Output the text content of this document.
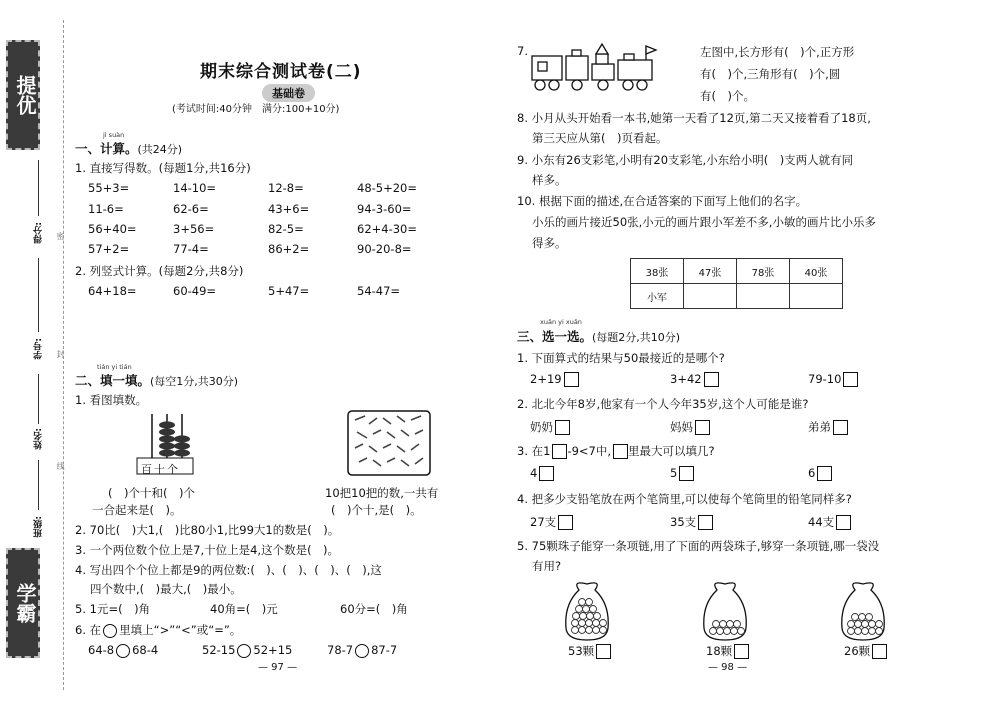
提优
学霸
得分:
学号:
姓名:
班级:
密
封
线
期末综合测试卷(二)
基础卷
(考试时间:40分钟　满分:100+10分)
jì suàn
一、计算。(共24分)
1. 直接写得数。(每题1分,共16分)
55+3=	14-10=	12-8=	48-5+20=
11-6=	62-6=	43+6=	94-3-60=
56+40=	3+56=	82-5=	62+4-30=
57+2=	77-4=	86+2=	90-20-8=
2. 列竖式计算。(每题2分,共8分)
64+18=	60-49=	5+47=	54-47=
tián yi tián
二、填一填。(每空1分,共30分)
1. 看图填数。
百十个
(　)个十和(　)个
一合起来是(　)。
10把10把的数,一共有
(　)个十,是(　)。
2. 70比(　)大1,(　)比80小1,比99大1的数是(　)。
3. 一个两位数个位上是7,十位上是4,这个数是(　)。
4. 写出四个个位上都是9的两位数:(　)、(　)、(　)、(　),这
四个数中,(　)最大,(　)最小。
5. 1元=(　)角	40角=(　)元	60分=(　)角
6. 在 里填上“>”“<”或“=”。
64-8 68-4	52-15 52+15	78-7 87-7
— 97 —
7.	左图中,长方形有(　)个,正方形
有(　)个,三角形有(　)个,圆
有(　)个。
8. 小月从头开始看一本书,她第一天看了12页,第二天又接着看了18页,
第三天应从第(　)页看起。
9. 小东有26支彩笔,小明有20支彩笔,小东给小明(　)支两人就有同
样多。
10. 根据下面的描述,在合适答案的下面写上他们的名字。
小乐的画片接近50张,小元的画片跟小军差不多,小敏的画片比小乐多
得多。
38张	47张	78张	40张
小军			
xuǎn yi xuǎn
三、选一选。(每题2分,共10分)
1. 下面算式的结果与50最接近的是哪个?
2+19	3+42	79-10
2. 北北今年8岁,他家有一个人今年35岁,这个人可能是谁?
奶奶	妈妈	弟弟
3. 在1 -9<7中, 里最大可以填几?
4	5	6
4. 把多少支铅笔放在两个笔筒里,可以使每个笔筒里的铅笔同样多?
27支	35支	44支
5. 75颗珠子能穿一条项链,用了下面的两袋珠子,够穿一条项链,哪一袋没
有用?
53颗	18颗	26颗
— 98 —
